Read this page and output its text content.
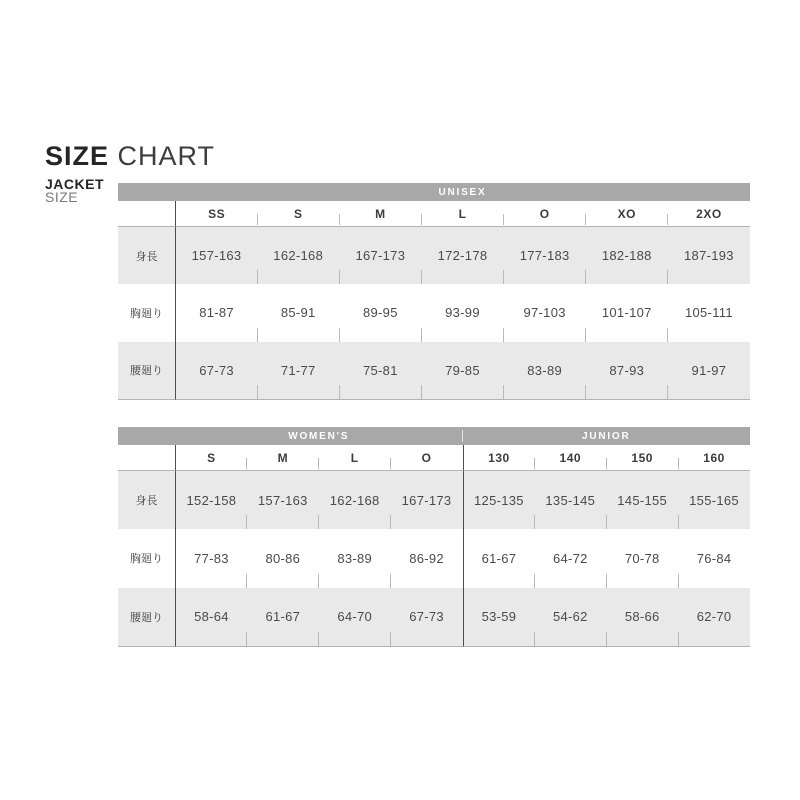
SIZE CHART
JACKET
SIZE	UNISEX
SS	S	M	L	O	XO	2XO
身長	157-163	162-168	167-173	172-178	177-183	182-188	187-193
胸廻り	81-87	85-91	89-95	93-99	97-103	101-107	105-111
腰廻り	67-73	71-77	75-81	79-85	83-89	87-93	91-97
WOMEN'S	JUNIOR
S	M	L	O	130	140	150	160
身長	152-158	157-163	162-168	167-173	125-135	135-145	145-155	155-165
胸廻り	77-83	80-86	83-89	86-92	61-67	64-72	70-78	76-84
腰廻り	58-64	61-67	64-70	67-73	53-59	54-62	58-66	62-70
